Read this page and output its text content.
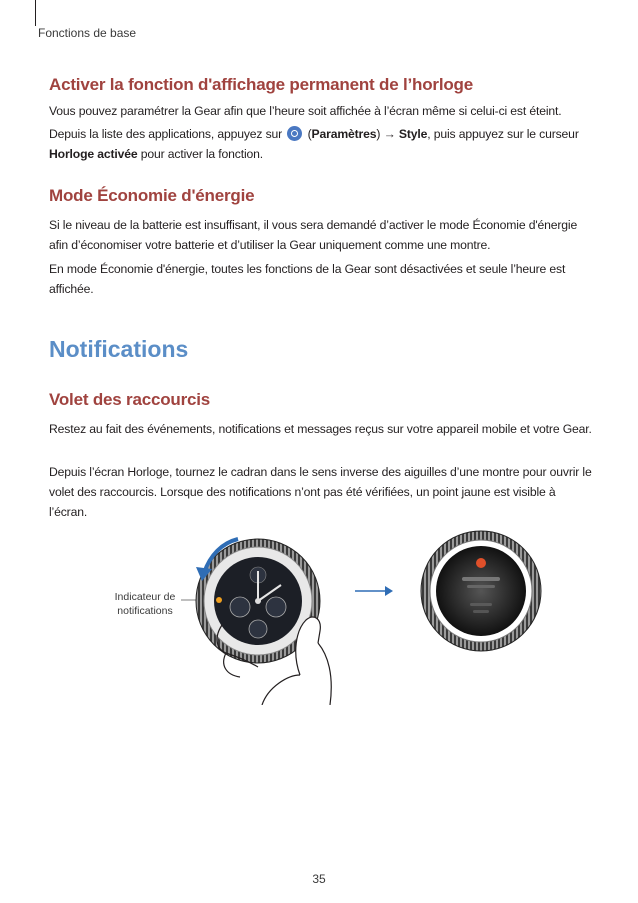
Fonctions de base
Activer la fonction d'affichage permanent de l’horloge
Vous pouvez paramétrer la Gear afin que l’heure soit affichée à l’écran même si celui-ci est éteint.
Depuis la liste des applications, appuyez sur (Paramètres) → Style, puis appuyez sur le curseur Horloge activée pour activer la fonction.
Mode Économie d'énergie
Si le niveau de la batterie est insuffisant, il vous sera demandé d’activer le mode Économie d'énergie afin d’économiser votre batterie et d’utiliser la Gear uniquement comme une montre.
En mode Économie d'énergie, toutes les fonctions de la Gear sont désactivées et seule l’heure est affichée.
Notifications
Volet des raccourcis
Restez au fait des événements, notifications et messages reçus sur votre appareil mobile et votre Gear.
Depuis l’écran Horloge, tournez le cadran dans le sens inverse des aiguilles d’une montre pour ouvrir le volet des raccourcis. Lorsque des notifications n’ont pas été vérifiées, un point jaune est visible à l’écran.
Indicateur de
notifications
35
